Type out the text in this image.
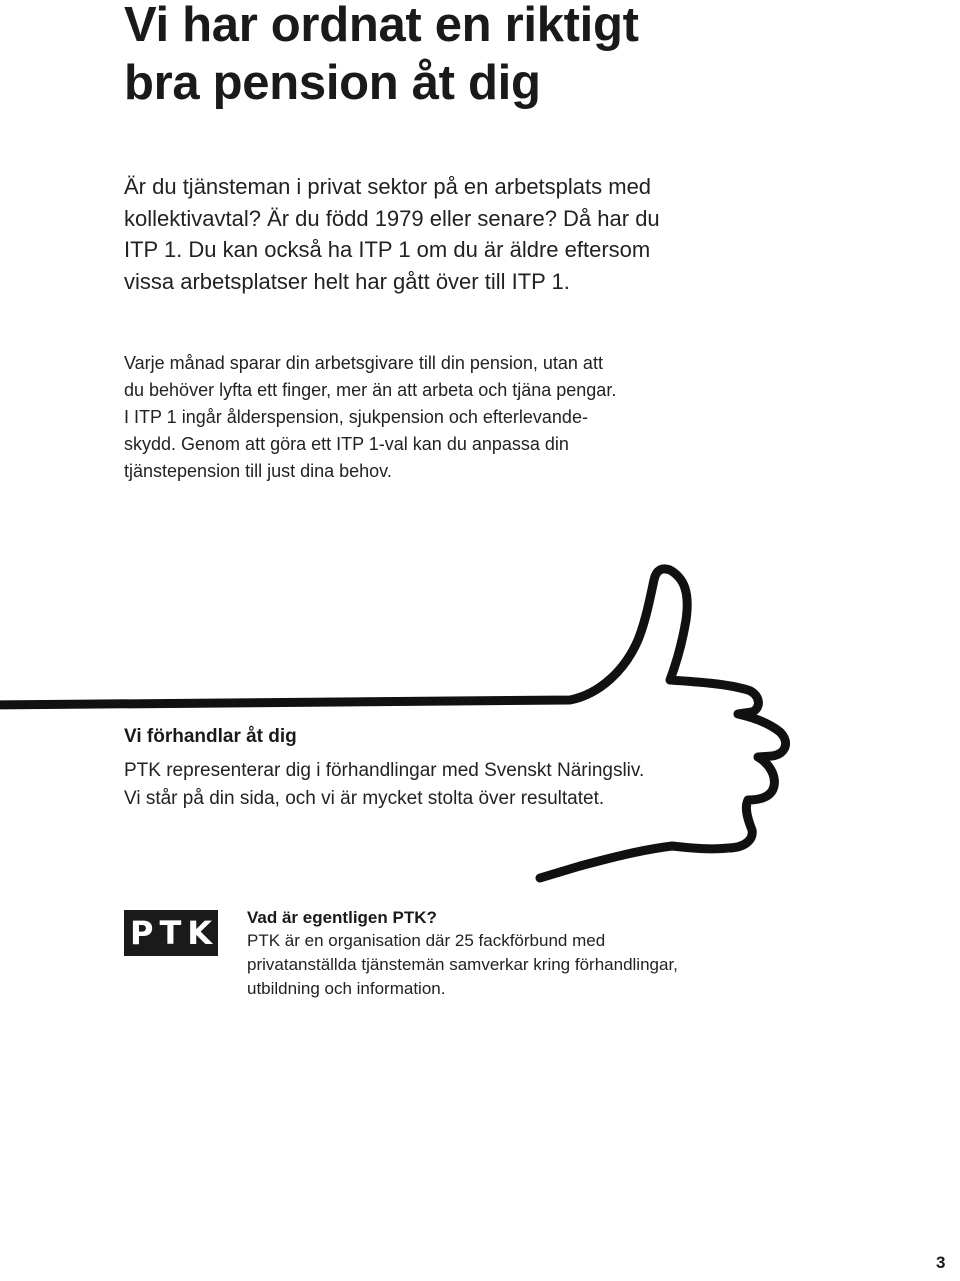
Vi har ordnat en riktigt
bra pension åt dig

Är du tjänsteman i privat sektor på en arbetsplats med
kollektivavtal? Är du född 1979 eller senare? Då har du
ITP 1. Du kan också ha ITP 1 om du är äldre eftersom
vissa arbetsplatser helt har gått över till ITP 1.

Varje månad sparar din arbetsgivare till din pension, utan att
du behöver lyfta ett finger, mer än att arbeta och tjäna pengar.
I ITP 1 ingår ålderspension, sjukpension och efterlevande-
skydd. Genom att göra ett ITP 1-val kan du anpassa din
tjänstepension till just dina behov.

Vi förhandlar åt dig

PTK representerar dig i förhandlingar med Svenskt Näringsliv.
Vi står på din sida, och vi är mycket stolta över resultatet.

PTK Vad är egentligen PTK?

PTK är en organisation där 25 fackförbund med
privatanställda tjänstemän samverkar kring förhandlingar,
utbildning och information.

3
